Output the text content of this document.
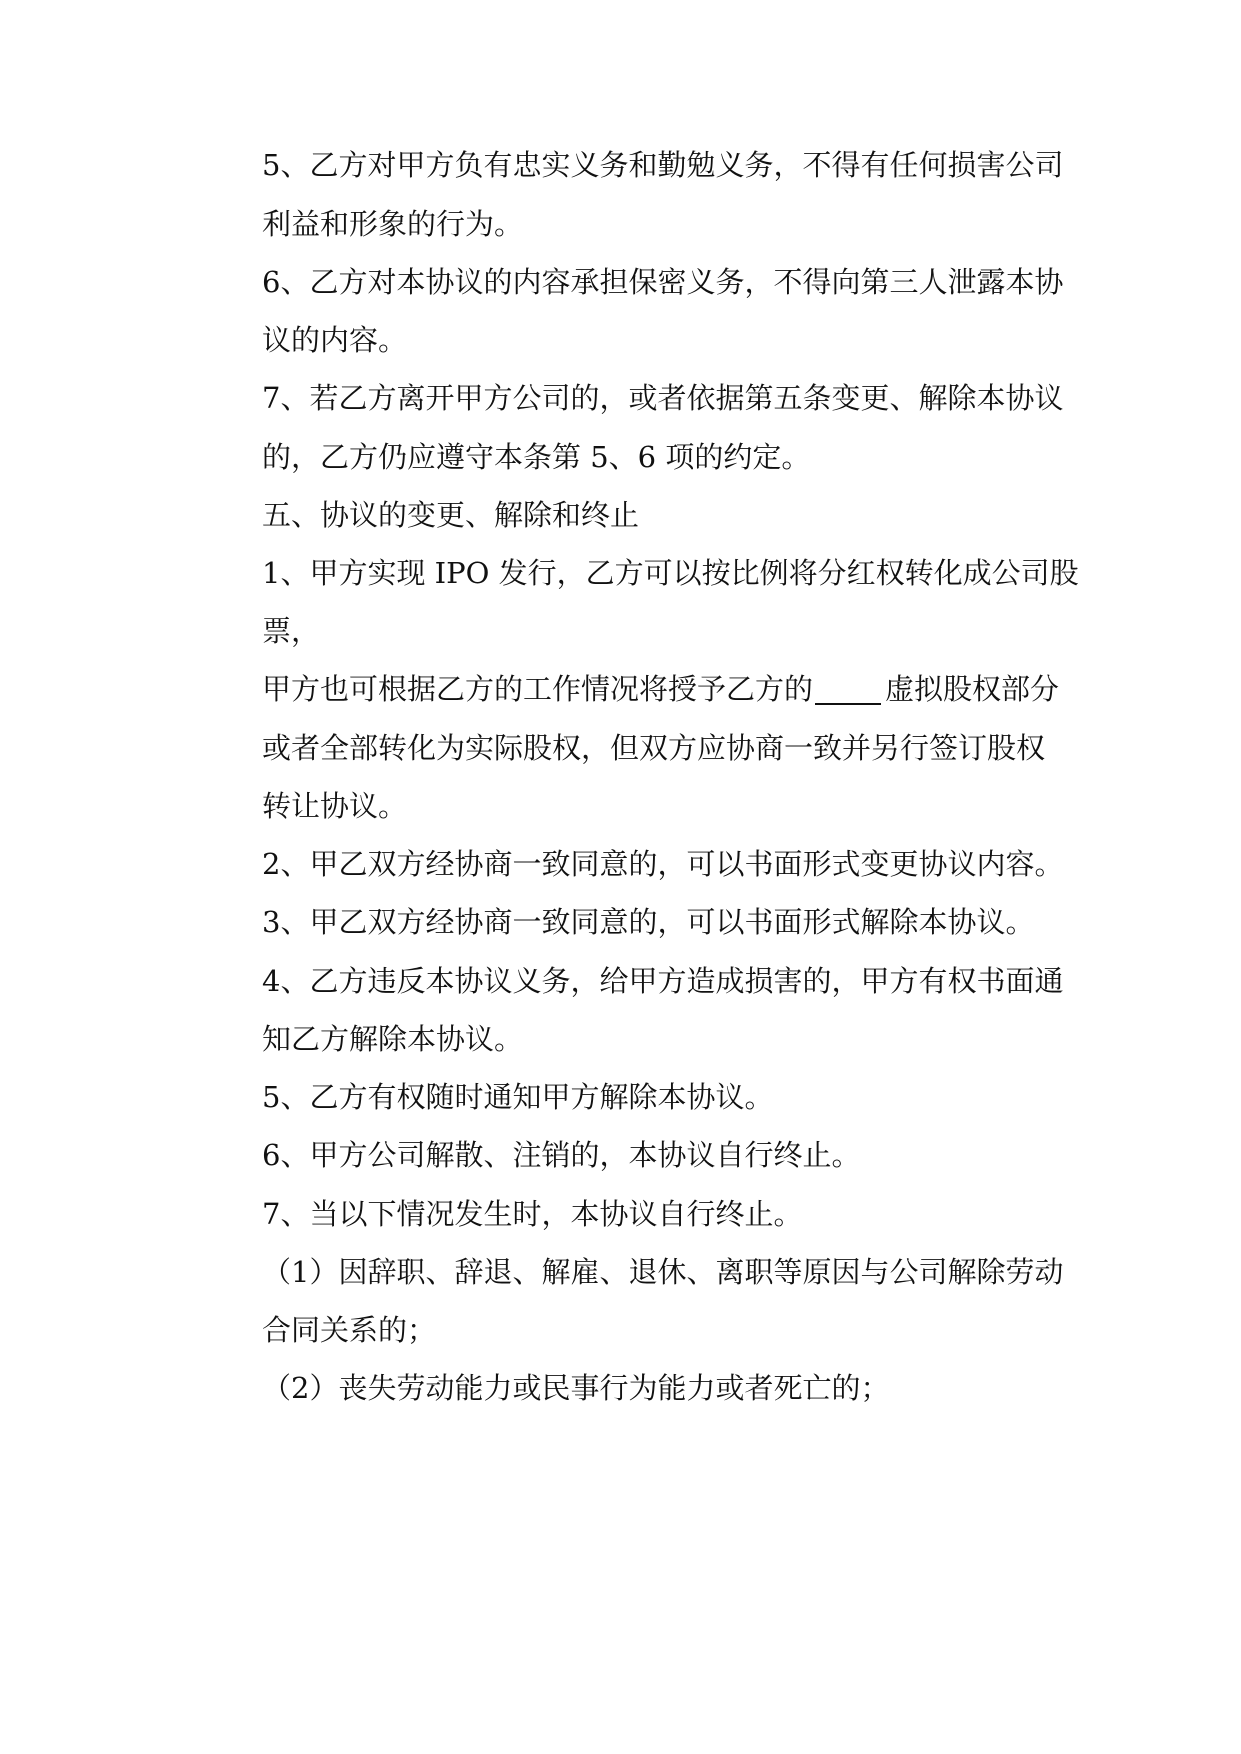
5、乙方对甲方负有忠实义务和勤勉义务，不得有任何损害公司
利益和形象的行为。
6、乙方对本协议的内容承担保密义务，不得向第三人泄露本协
议的内容。
7、若乙方离开甲方公司的，或者依据第五条变更、解除本协议
的，乙方仍应遵守本条第 5、6 项的约定。
五、协议的变更、解除和终止
1、甲方实现 IPO 发行，乙方可以按比例将分红权转化成公司股
票，
甲方也可根据乙方的工作情况将授予乙方的 虚拟股权部分
或者全部转化为实际股权，但双方应协商一致并另行签订股权
转让协议。
2、甲乙双方经协商一致同意的，可以书面形式变更协议内容。
3、甲乙双方经协商一致同意的，可以书面形式解除本协议。
4、乙方违反本协议义务，给甲方造成损害的，甲方有权书面通
知乙方解除本协议。
5、乙方有权随时通知甲方解除本协议。
6、甲方公司解散、注销的，本协议自行终止。
7、当以下情况发生时，本协议自行终止。
（1）因辞职、辞退、解雇、退休、离职等原因与公司解除劳动
合同关系的；
（2）丧失劳动能力或民事行为能力或者死亡的；
